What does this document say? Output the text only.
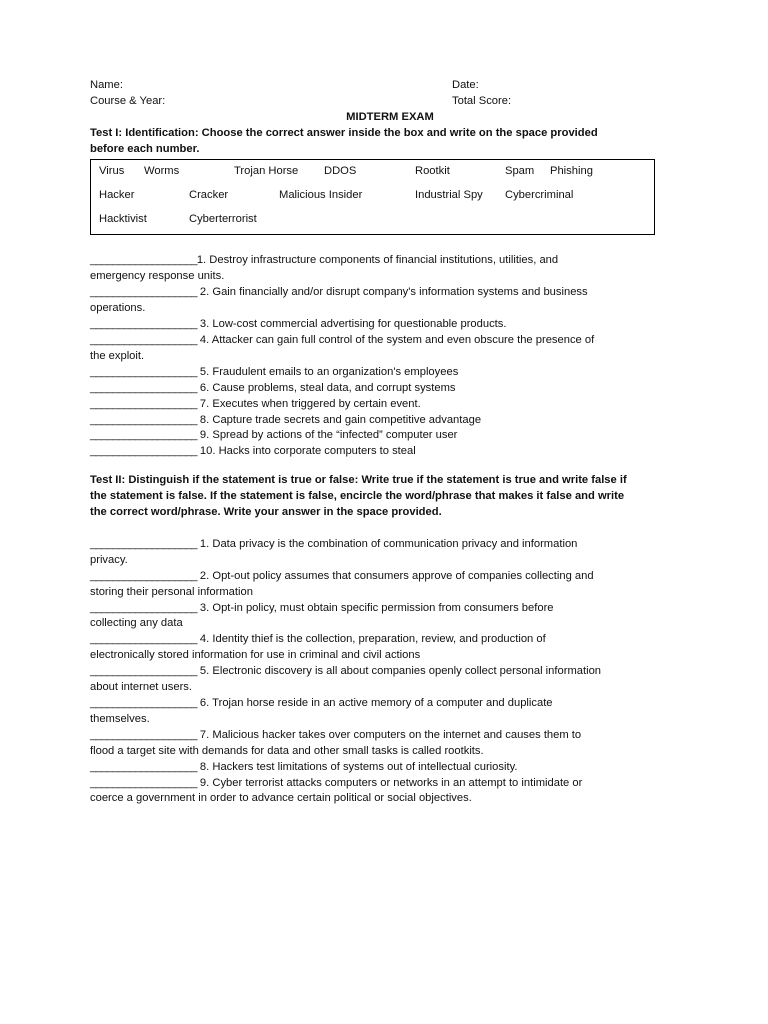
Name:	Date:
Course & Year:	Total Score:
MIDTERM EXAM
Test I: Identification: Choose the correct answer inside the box and write on the space provided
before each number.
Virus Worms	Trojan Horse DDOS	Rootkit	Spam Phishing
Hacker	Cracker	Malicious Insider	Industrial Spy Cybercriminal
Hacktivist	Cyberterrorist
___________________1. Destroy infrastructure components of financial institutions, utilities, and
emergency response units.
___________________ 2. Gain financially and/or disrupt company's information systems and business
operations.
___________________ 3. Low-cost commercial advertising for questionable products.
___________________ 4. Attacker can gain full control of the system and even obscure the presence of
the exploit.
___________________ 5. Fraudulent emails to an organization's employees
___________________ 6. Cause problems, steal data, and corrupt systems
___________________ 7. Executes when triggered by certain event.
___________________ 8. Capture trade secrets and gain competitive advantage
___________________ 9. Spread by actions of the “infected” computer user
___________________ 10. Hacks into corporate computers to steal
Test II: Distinguish if the statement is true or false: Write true if the statement is true and write false if
the statement is false. If the statement is false, encircle the word/phrase that makes it false and write
the correct word/phrase. Write your answer in the space provided.
___________________ 1. Data privacy is the combination of communication privacy and information
privacy.
___________________ 2. Opt-out policy assumes that consumers approve of companies collecting and
storing their personal information
___________________ 3. Opt-in policy, must obtain specific permission from consumers before
collecting any data
___________________ 4. Identity thief is the collection, preparation, review, and production of
electronically stored information for use in criminal and civil actions
___________________ 5. Electronic discovery is all about companies openly collect personal information
about internet users.
___________________ 6. Trojan horse reside in an active memory of a computer and duplicate
themselves.
___________________ 7. Malicious hacker takes over computers on the internet and causes them to
flood a target site with demands for data and other small tasks is called rootkits.
___________________ 8. Hackers test limitations of systems out of intellectual curiosity.
___________________ 9. Cyber terrorist attacks computers or networks in an attempt to intimidate or
coerce a government in order to advance certain political or social objectives.
